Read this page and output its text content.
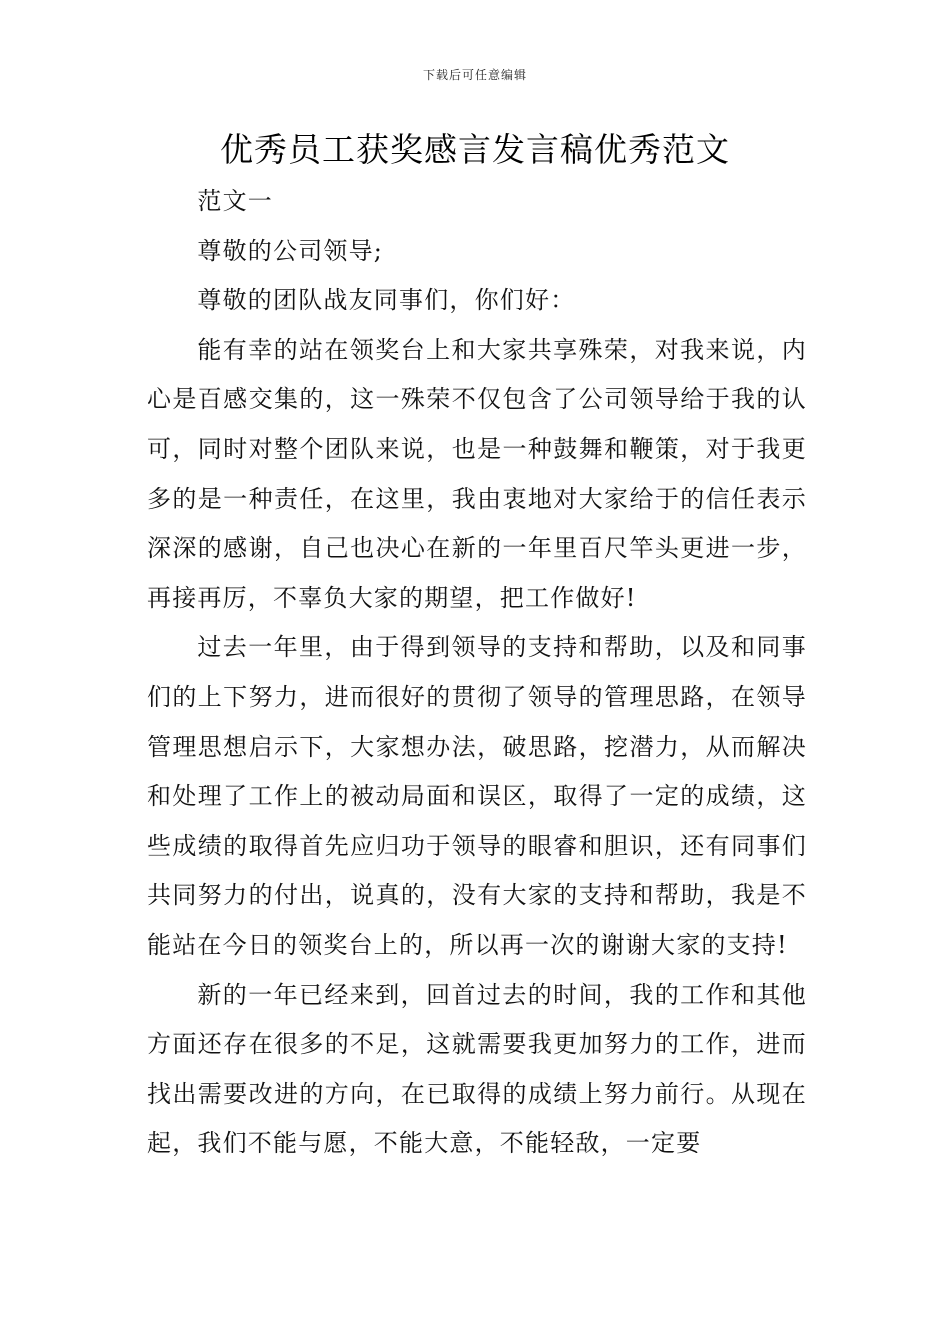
下载后可任意编辑
优秀员工获奖感言发言稿优秀范文

范文一

尊敬的公司领导;

尊敬的团队战友同事们，你们好：

能有幸的站在领奖台上和大家共享殊荣，对我来说，内心是百感交集的，这一殊荣不仅包含了公司领导给于我的认可，同时对整个团队来说，也是一种鼓舞和鞭策，对于我更多的是一种责任，在这里，我由衷地对大家给于的信任表示深深的感谢，自己也决心在新的一年里百尺竿头更进一步，再接再厉，不辜负大家的期望，把工作做好!

过去一年里，由于得到领导的支持和帮助，以及和同事们的上下努力，进而很好的贯彻了领导的管理思路，在领导管理思想启示下，大家想办法，破思路，挖潜力，从而解决和处理了工作上的被动局面和误区，取得了一定的成绩，这些成绩的取得首先应归功于领导的眼睿和胆识，还有同事们共同努力的付出，说真的，没有大家的支持和帮助，我是不能站在今日的领奖台上的，所以再一次的谢谢大家的支持!

新的一年已经来到，回首过去的时间，我的工作和其他方面还存在很多的不足，这就需要我更加努力的工作，进而找出需要改进的方向，在已取得的成绩上努力前行。从现在起，我们不能与愿，不能大意，不能轻敌，一定要
